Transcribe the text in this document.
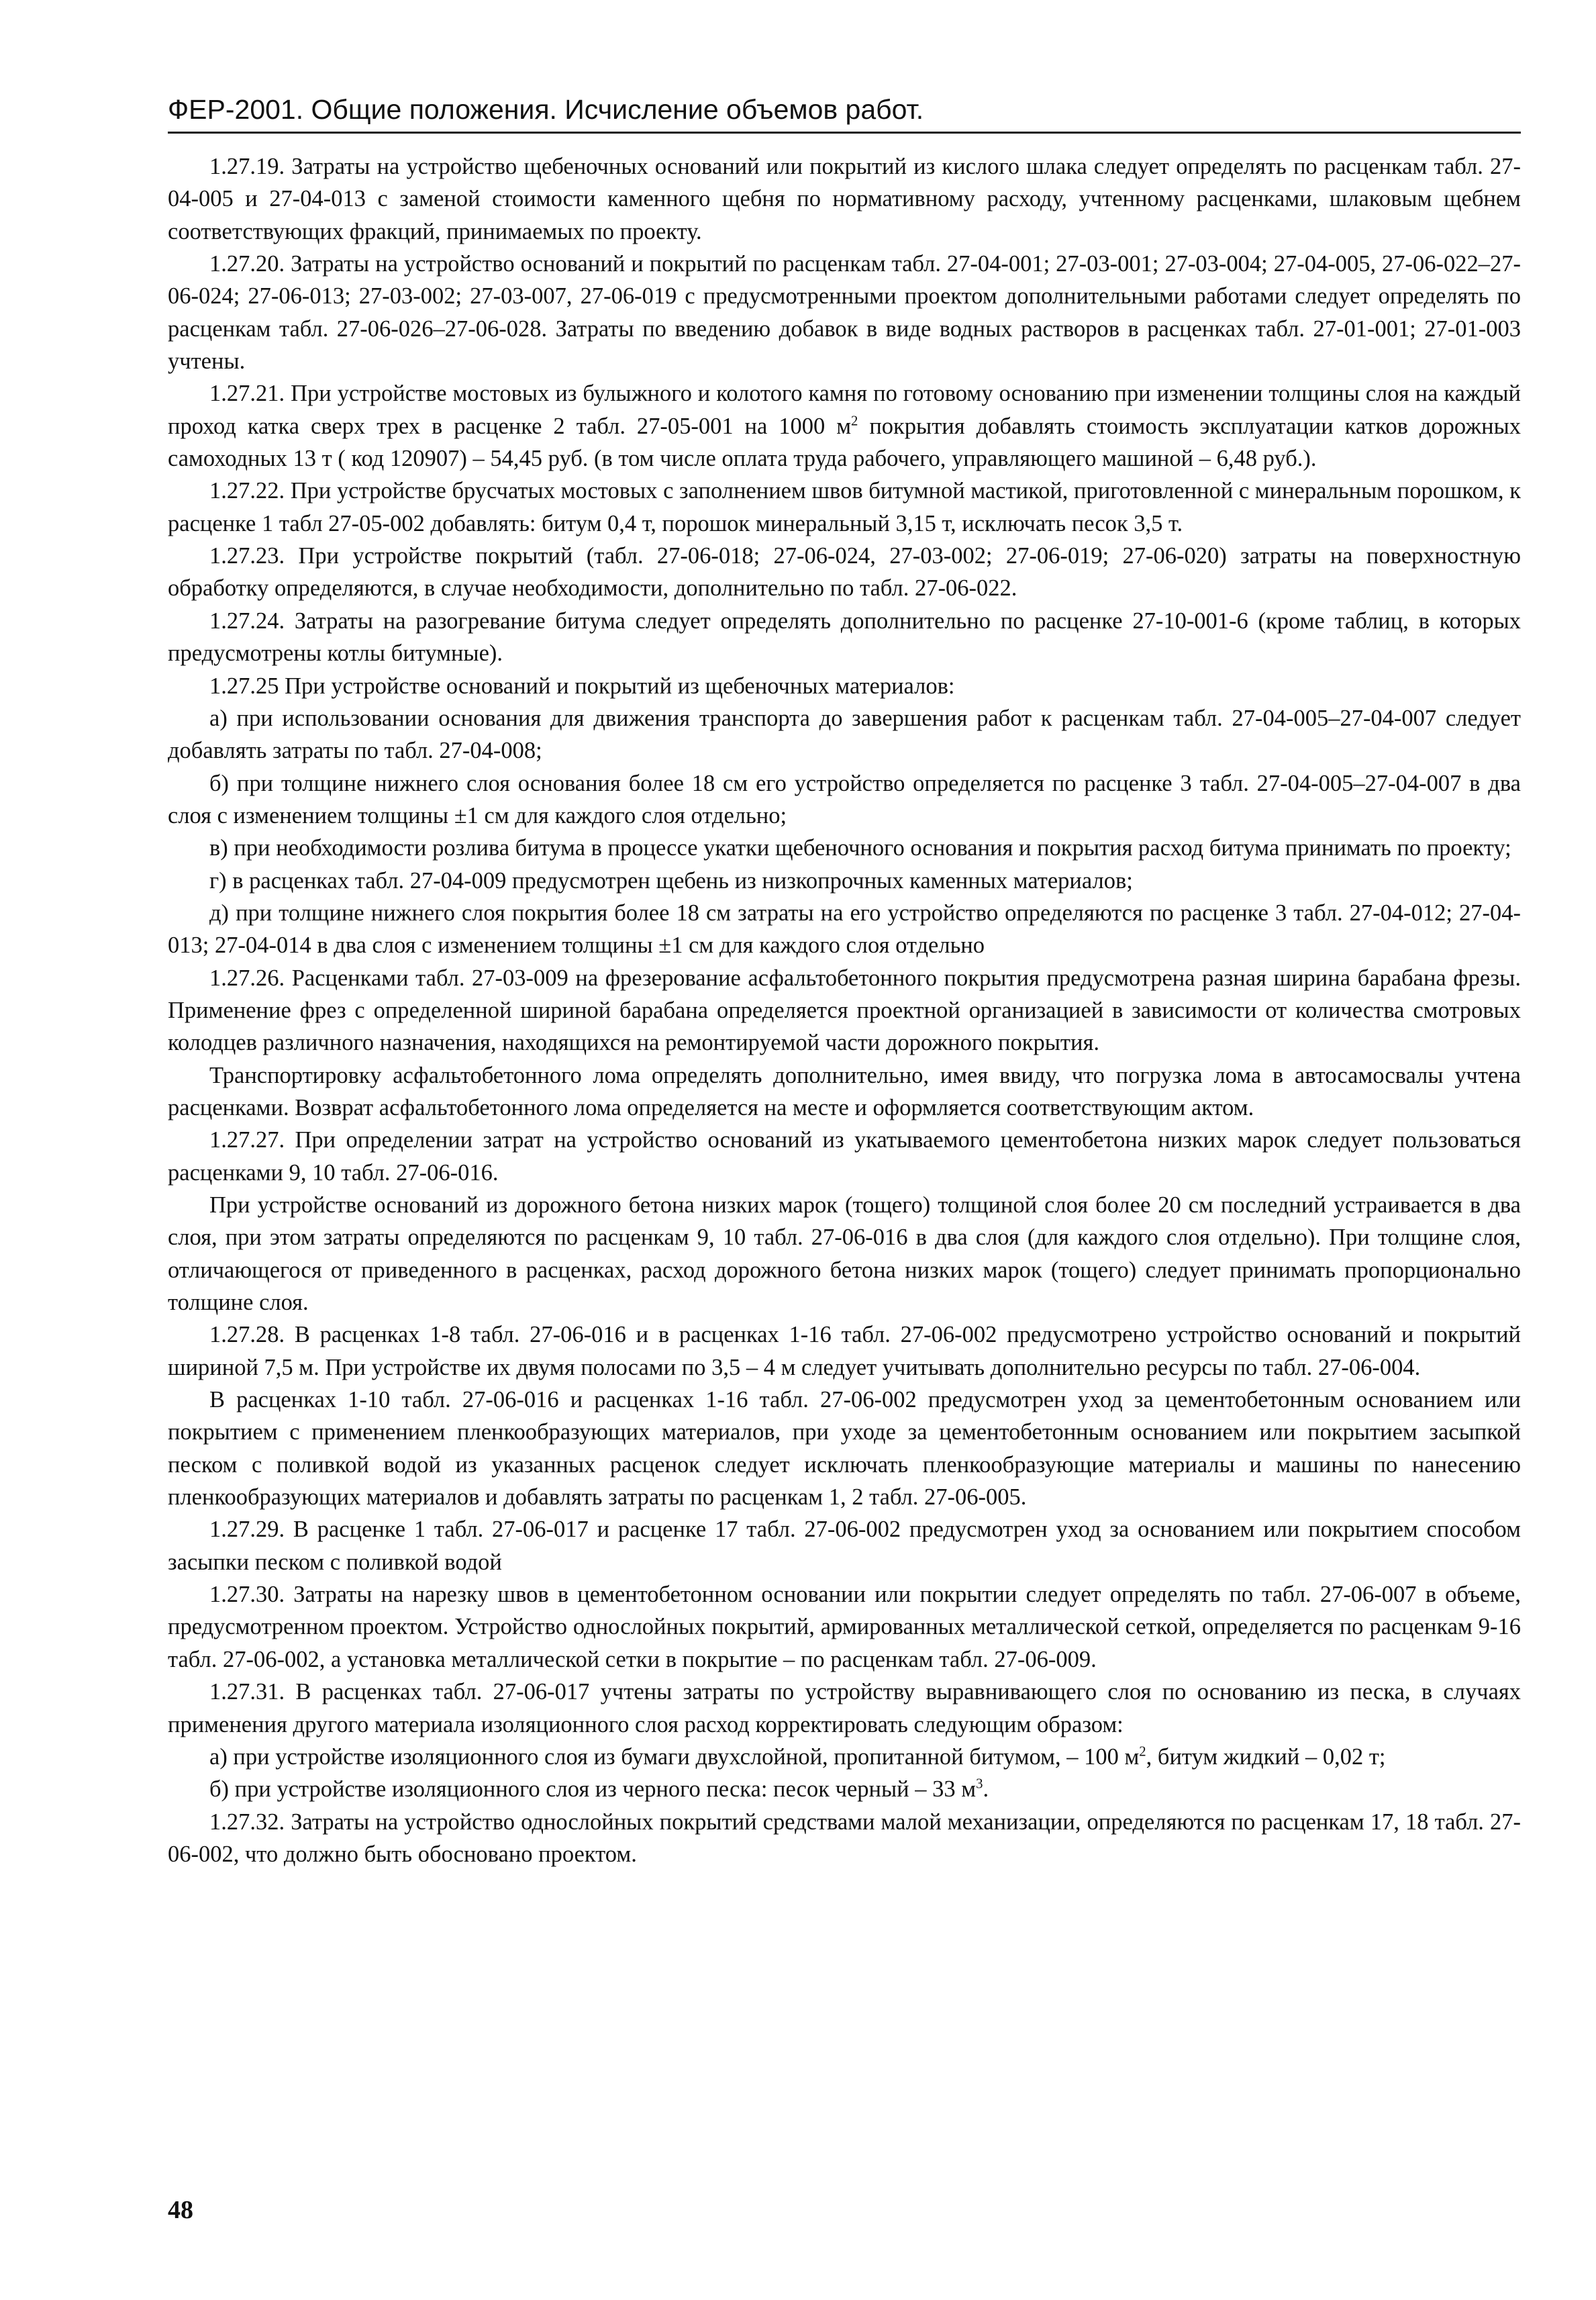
ФЕР-2001. Общие положения. Исчисление объемов работ.

1.27.19. Затраты на устройство щебеночных оснований или покрытий из кислого шлака следует определять по расценкам табл. 27-04-005 и 27-04-013 с заменой стоимости каменного щебня по нормативному расходу, учтенному расценками, шлаковым щебнем соответствующих фракций, принимаемых по проекту.

1.27.20. Затраты на устройство оснований и покрытий по расценкам табл. 27-04-001; 27-03-001; 27-03-004; 27-04-005, 27-06-022–27-06-024; 27-06-013; 27-03-002; 27-03-007, 27-06-019 с предусмотренными проектом дополнительными работами следует определять по расценкам табл. 27-06-026–27-06-028. Затраты по введению добавок в виде водных растворов в расценках табл. 27-01-001; 27-01-003 учтены.

1.27.21. При устройстве мостовых из булыжного и колотого камня по готовому основанию при изменении толщины слоя на каждый проход катка сверх трех в расценке 2 табл. 27-05-001 на 1000 $м^2$ покрытия добавлять стоимость эксплуатации катков дорожных самоходных 13 т ( код 120907) – 54,45 руб. (в том числе оплата труда рабочего, управляющего машиной – 6,48 руб.).

1.27.22. При устройстве брусчатых мостовых с заполнением швов битумной мастикой, приготовленной с минеральным порошком, к расценке 1 табл 27-05-002 добавлять: битум 0,4 т, порошок минеральный 3,15 т, исключать песок 3,5 т.

1.27.23. При устройстве покрытий (табл. 27-06-018; 27-06-024, 27-03-002; 27-06-019; 27-06-020) затраты на поверхностную обработку определяются, в случае необходимости, дополнительно по табл. 27-06-022.

1.27.24. Затраты на разогревание битума следует определять дополнительно по расценке 27-10-001-6 (кроме таблиц, в которых предусмотрены котлы битумные).

1.27.25 При устройстве оснований и покрытий из щебеночных материалов:

а) при использовании основания для движения транспорта до завершения работ к расценкам табл. 27-04-005–27-04-007 следует добавлять затраты по табл. 27-04-008;

б) при толщине нижнего слоя основания более 18 см его устройство определяется по расценке 3 табл. 27-04-005–27-04-007 в два слоя с изменением толщины ±1 см для каждого слоя отдельно;

в) при необходимости розлива битума в процессе укатки щебеночного основания и покрытия расход битума принимать по проекту;

г) в расценках табл. 27-04-009 предусмотрен щебень из низкопрочных каменных материалов;

д) при толщине нижнего слоя покрытия более 18 см затраты на его устройство определяются по расценке 3 табл. 27-04-012; 27-04-013; 27-04-014 в два слоя с изменением толщины ±1 см для каждого слоя отдельно

1.27.26. Расценками табл. 27-03-009 на фрезерование асфальтобетонного покрытия предусмотрена разная ширина барабана фрезы. Применение фрез с определенной шириной барабана определяется проектной организацией в зависимости от количества смотровых колодцев различного назначения, находящихся на ремонтируемой части дорожного покрытия.

Транспортировку асфальтобетонного лома определять дополнительно, имея ввиду, что погрузка лома в автосамосвалы учтена расценками. Возврат асфальтобетонного лома определяется на месте и оформляется соответствующим актом.

1.27.27. При определении затрат на устройство оснований из укатываемого цементобетона низких марок следует пользоваться расценками 9, 10 табл. 27-06-016.

При устройстве оснований из дорожного бетона низких марок (тощего) толщиной слоя более 20 см последний устраивается в два слоя, при этом затраты определяются по расценкам 9, 10 табл. 27-06-016 в два слоя (для каждого слоя отдельно). При толщине слоя, отличающегося от приведенного в расценках, расход дорожного бетона низких марок (тощего) следует принимать пропорционально толщине слоя.

1.27.28. В расценках 1-8 табл. 27-06-016 и в расценках 1-16 табл. 27-06-002 предусмотрено устройство оснований и покрытий шириной 7,5 м. При устройстве их двумя полосами по 3,5 – 4 м следует учитывать дополнительно ресурсы по табл. 27-06-004.

В расценках 1-10 табл. 27-06-016 и расценках 1-16 табл. 27-06-002 предусмотрен уход за цементобетонным основанием или покрытием с применением пленкообразующих материалов, при уходе за цементобетонным основанием или покрытием засыпкой песком с поливкой водой из указанных расценок следует исключать пленкообразующие материалы и машины по нанесению пленкообразующих материалов и добавлять затраты по расценкам 1, 2 табл. 27-06-005.

1.27.29. В расценке 1 табл. 27-06-017 и расценке 17 табл. 27-06-002 предусмотрен уход за основанием или покрытием способом засыпки песком с поливкой водой

1.27.30. Затраты на нарезку швов в цементобетонном основании или покрытии следует определять по табл. 27-06-007 в объеме, предусмотренном проектом. Устройство однослойных покрытий, армированных металлической сеткой, определяется по расценкам 9-16 табл. 27-06-002, а установка металлической сетки в покрытие – по расценкам табл. 27-06-009.

1.27.31. В расценках табл. 27-06-017 учтены затраты по устройству выравнивающего слоя по основанию из песка, в случаях применения другого материала изоляционного слоя расход корректировать следующим образом:

а) при устройстве изоляционного слоя из бумаги двухслойной, пропитанной битумом, – 100 $м^2$, битум жидкий – 0,02 т;

б) при устройстве изоляционного слоя из черного песка: песок черный – 33 $м^3$.

1.27.32. Затраты на устройство однослойных покрытий средствами малой механизации, определяются по расценкам 17, 18 табл. 27-06-002, что должно быть обосновано проектом.

48
